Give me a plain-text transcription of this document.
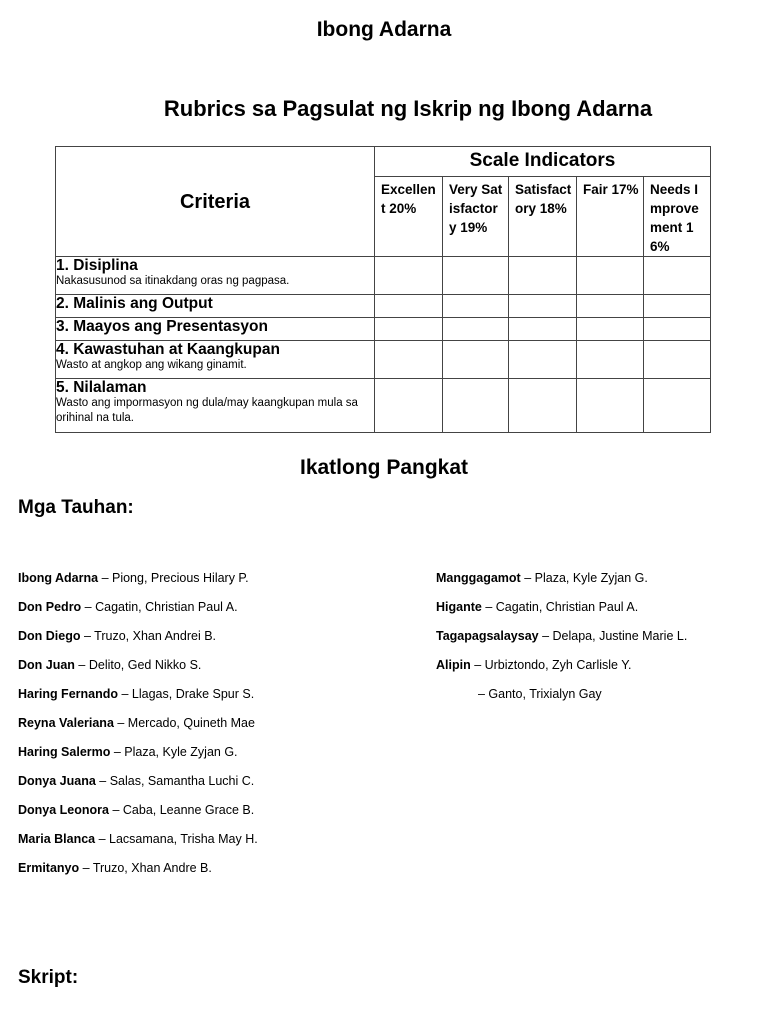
Ibong Adarna
Rubrics sa Pagsulat ng Iskrip ng Ibong Adarna
Criteria	Scale Indicators				
	Excellent 20%	Very Satisfactory 19%	Satisfactory 18%	Fair 17%	Needs Improvement 16%

1. Disiplina
Nakasusunod sa itinakdang oras ng pagpasa.					

2. Malinis ang Output					

3. Maayos ang Presentasyon					

4. Kawastuhan at Kaangkupan
Wasto at angkop ang wikang ginamit.					

5. Nilalaman
Wasto ang impormasyon ng dula/may kaangkupan mula sa orihinal na tula.					

Ikatlong Pangkat
Mga Tauhan:
Ibong Adarna – Piong, Precious Hilary P.
Don Pedro – Cagatin, Christian Paul A.
Don Diego – Truzo, Xhan Andrei B.
Don Juan – Delito, Ged Nikko S.
Haring Fernando – Llagas, Drake Spur S.
Reyna Valeriana – Mercado, Quineth Mae
Haring Salermo – Plaza, Kyle Zyjan G.
Donya Juana – Salas, Samantha Luchi C.
Donya Leonora – Caba, Leanne Grace B.
Maria Blanca – Lacsamana, Trisha May H.
Ermitanyo – Truzo, Xhan Andre B.
Manggagamot – Plaza, Kyle Zyjan G.
Higante – Cagatin, Christian Paul A.
Tagapagsalaysay – Delapa, Justine Marie L.
Alipin – Urbiztondo, Zyh Carlisle Y.
– Ganto, Trixialyn Gay
Skript:
